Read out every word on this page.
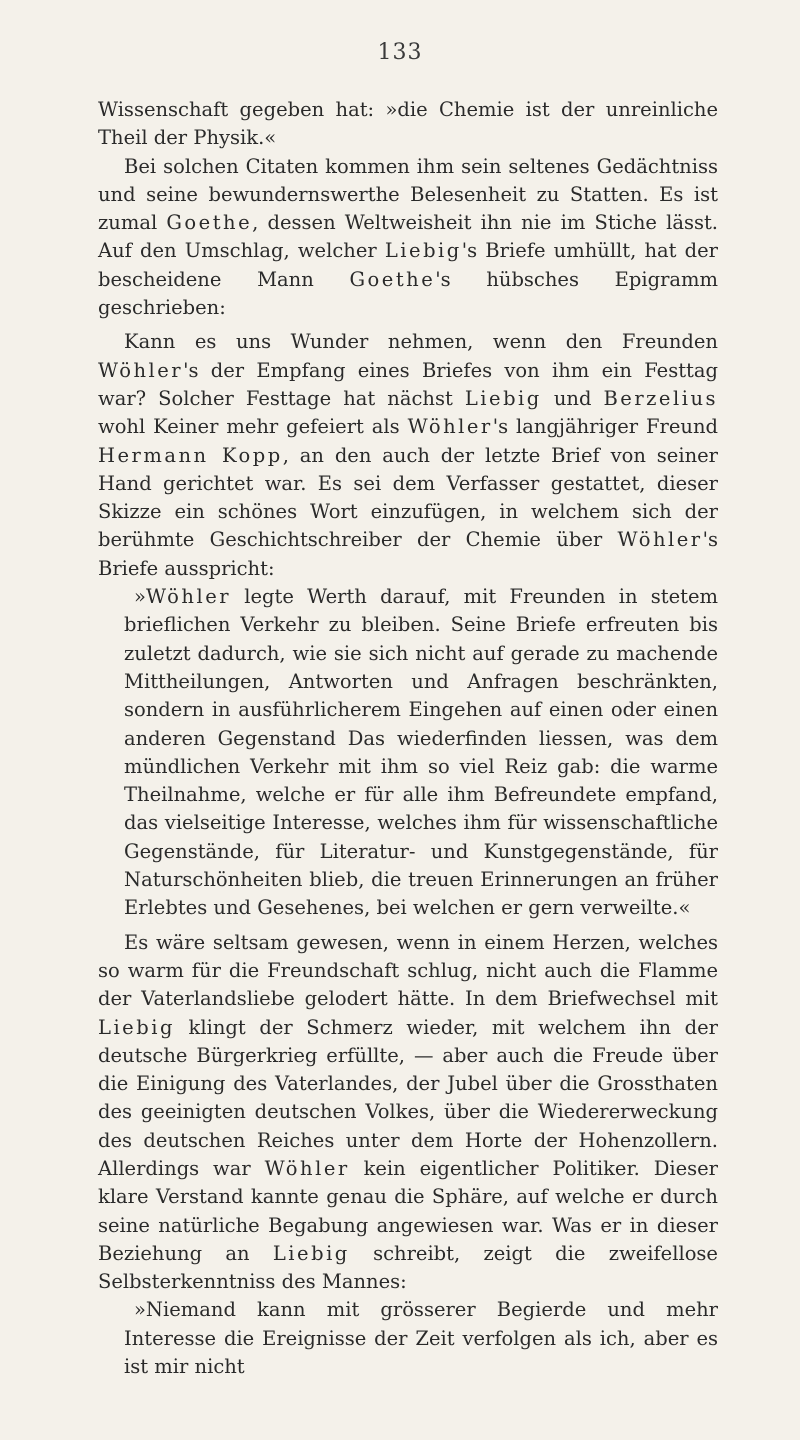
133

Wissenschaft gegeben hat: »die Chemie ist der unreinliche Theil der Physik.«

Bei solchen Citaten kommen ihm sein seltenes Gedächtniss und seine bewundernswerthe Belesenheit zu Statten. Es ist zumal Goethe, dessen Weltweisheit ihn nie im Stiche lässt. Auf den Umschlag, welcher Liebig's Briefe umhüllt, hat der bescheidene Mann Goethe's hübsches Epigramm geschrieben:

Kann es uns Wunder nehmen, wenn den Freunden Wöhler's der Empfang eines Briefes von ihm ein Festtag war? Solcher Festtage hat nächst Liebig und Berzelius wohl Keiner mehr gefeiert als Wöhler's langjähriger Freund Hermann Kopp, an den auch der letzte Brief von seiner Hand gerichtet war. Es sei dem Verfasser gestattet, dieser Skizze ein schönes Wort einzufügen, in welchem sich der berühmte Geschichtschreiber der Chemie über Wöhler's Briefe ausspricht:

»Wöhler legte Werth darauf, mit Freunden in stetem brieflichen Verkehr zu bleiben. Seine Briefe erfreuten bis zuletzt dadurch, wie sie sich nicht auf gerade zu machende Mittheilungen, Antworten und Anfragen beschränkten, sondern in ausführlicherem Eingehen auf einen oder einen anderen Gegenstand Das wiederfinden liessen, was dem mündlichen Verkehr mit ihm so viel Reiz gab: die warme Theilnahme, welche er für alle ihm Befreundete empfand, das vielseitige Interesse, welches ihm für wissenschaftliche Gegenstände, für Literatur- und Kunstgegenstände, für Naturschönheiten blieb, die treuen Erinnerungen an früher Erlebtes und Gesehenes, bei welchen er gern verweilte.«

Es wäre seltsam gewesen, wenn in einem Herzen, welches so warm für die Freundschaft schlug, nicht auch die Flamme der Vaterlandsliebe gelodert hätte. In dem Briefwechsel mit Liebig klingt der Schmerz wieder, mit welchem ihn der deutsche Bürgerkrieg erfüllte, — aber auch die Freude über die Einigung des Vaterlandes, der Jubel über die Grossthaten des geeinigten deutschen Volkes, über die Wiedererweckung des deutschen Reiches unter dem Horte der Hohenzollern. Allerdings war Wöhler kein eigentlicher Politiker. Dieser klare Verstand kannte genau die Sphäre, auf welche er durch seine natürliche Begabung angewiesen war. Was er in dieser Beziehung an Liebig schreibt, zeigt die zweifellose Selbsterkenntniss des Mannes:

»Niemand kann mit grösserer Begierde und mehr Interesse die Ereignisse der Zeit verfolgen als ich, aber es ist mir nicht
